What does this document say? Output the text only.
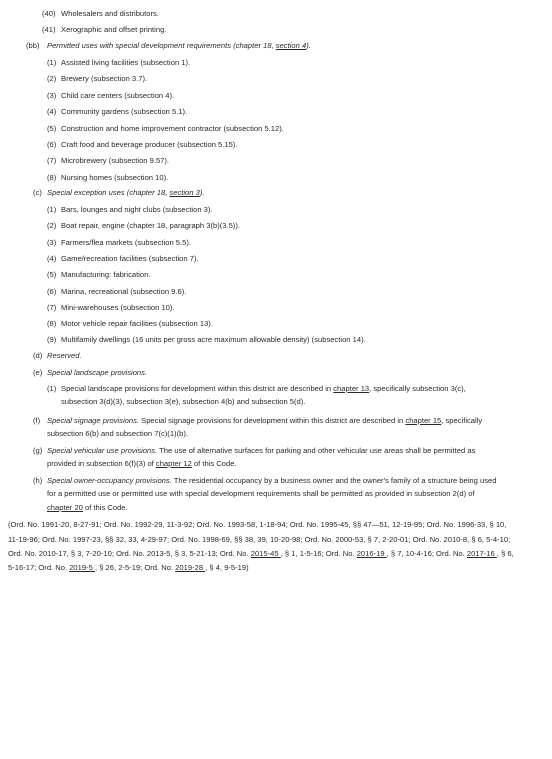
(40) Wholesalers and distributors.
(41) Xerographic and offset printing.
(bb) Permitted uses with special development requirements (chapter 18, section 4).
(1) Assisted living facilities (subsection 1).
(2) Brewery (subsection 3.7).
(3) Child care centers (subsection 4).
(4) Community gardens (subsection 5.1).
(5) Construction and home improvement contractor (subsection 5.12).
(6) Craft food and beverage producer (subsection 5.15).
(7) Microbrewery (subsection 9.57).
(8) Nursing homes (subsection 10).
(c) Special exception uses (chapter 18, section 3).
(1) Bars, lounges and night clubs (subsection 3).
(2) Boat repair, engine (chapter 18, paragraph 3(b)(3.5)).
(3) Farmers/flea markets (subsection 5.5).
(4) Game/recreation facilities (subsection 7).
(5) Manufacturing: fabrication.
(6) Marina, recreational (subsection 9.6).
(7) Mini-warehouses (subsection 10).
(8) Motor vehicle repair facilities (subsection 13).
(9) Multifamily dwellings (16 units per gross acre maximum allowable density) (subsection 14).
(d) Reserved.
(e) Special landscape provisions.
(1) Special landscape provisions for development within this district are described in chapter 13, specifically subsection 3(c),
subsection 3(d)(3), subsection 3(e), subsection 4(b) and subsection 5(d).
(f) Special signage provisions. Special signage provisions for development within this district are described in chapter 15, specifically
subsection 6(b) and subsection 7(c)(1)(b).
(g) Special vehicular use provisions. The use of alternative surfaces for parking and other vehicular use areas shall be permitted as
provided in subsection 6(f)(3) of chapter 12 of this Code.
(h) Special owner-occupancy provisions. The residential occupancy by a business owner and the owner's family of a structure being used
for a permitted use or permitted use with special development requirements shall be permitted as provided in subsection 2(d) of
chapter 20 of this Code.
(Ord. No. 1991-20, 8-27-91; Ord. No. 1992-29, 11-3-92; Ord. No. 1993-58, 1-18-94; Ord. No. 1995-45, §§ 47—51, 12-19-95; Ord. No. 1996-33, § 10,
11-19-96; Ord. No. 1997-23, §§ 32, 33, 4-29-97; Ord. No. 1998-69, §§ 38, 39, 10-20-98; Ord. No. 2000-53, § 7, 2-20-01; Ord. No. 2010-8, § 6, 5-4-10;
Ord. No. 2010-17, § 3, 7-20-10; Ord. No. 2013-5, § 3, 5-21-13; Ord. No. 2015-45 , § 1, 1-5-16; Ord. No. 2016-19 , § 7, 10-4-16; Ord. No. 2017-16 , § 6,
5-16-17; Ord. No. 2019-5 , § 26, 2-5-19; Ord. No. 2019-28 , § 4, 9-5-19)
